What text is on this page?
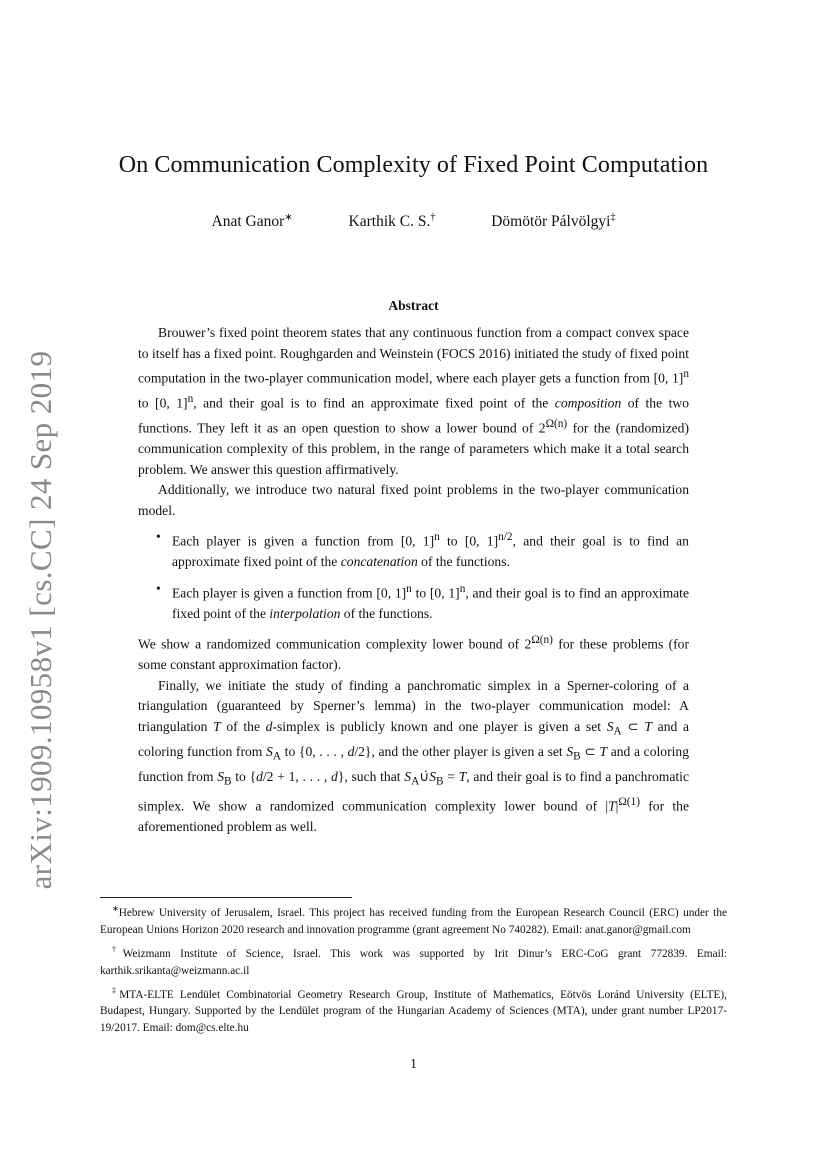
arXiv:1909.10958v1 [cs.CC] 24 Sep 2019
On Communication Complexity of Fixed Point Computation
Anat Ganor∗	Karthik C. S.†	Dömötör Pálvölgyi‡
Abstract

Brouwer’s fixed point theorem states that any continuous function from a compact convex space to itself has a fixed point. Roughgarden and Weinstein (FOCS 2016) initiated the study of fixed point computation in the two-player communication model, where each player gets a function from [0, 1]$^n$ to [0, 1]$^n$, and their goal is to find an approximate fixed point of the composition of the two functions. They left it as an open question to show a lower bound of $2^{\Omega(n)}$ for the (randomized) communication complexity of this problem, in the range of parameters which make it a total search problem. We answer this question affirmatively.

Additionally, we introduce two natural fixed point problems in the two-player communication model.

• Each player is given a function from [0, 1]$^n$ to [0, 1]$^{n/2}$, and their goal is to find an approximate fixed point of the concatenation of the functions.
• Each player is given a function from [0, 1]$^n$ to [0, 1]$^n$, and their goal is to find an approximate fixed point of the interpolation of the functions.

We show a randomized communication complexity lower bound of $2^{\Omega(n)}$ for these problems (for some constant approximation factor).

Finally, we initiate the study of finding a panchromatic simplex in a Sperner-coloring of a triangulation (guaranteed by Sperner’s lemma) in the two-player communication model: A triangulation T of the d-simplex is publicly known and one player is given a set $S_A$ ⊂ T and a coloring function from $S_A$ to {0, . . . , d/2}, and the other player is given a set $S_B$ ⊂ T and a coloring function from $S_B$ to {d/2 + 1, . . . , d}, such that $S_A\cuṗS_B = T$, and their goal is to find a panchromatic simplex. We show a randomized communication complexity lower bound of $|T|^{\Omega(1)}$ for the aforementioned problem as well.

∗Hebrew University of Jerusalem, Israel. This project has received funding from the European Research Council (ERC) under the European Unions Horizon 2020 research and innovation programme (grant agreement No 740282). Email: anat.ganor@gmail.com

†Weizmann Institute of Science, Israel. This work was supported by Irit Dinur’s ERC-CoG grant 772839. Email: karthik.srikanta@weizmann.ac.il

‡MTA-ELTE Lendület Combinatorial Geometry Research Group, Institute of Mathematics, Eötvös Loránd University (ELTE), Budapest, Hungary. Supported by the Lendület program of the Hungarian Academy of Sciences (MTA), under grant number LP2017-19/2017. Email: dom@cs.elte.hu

1
